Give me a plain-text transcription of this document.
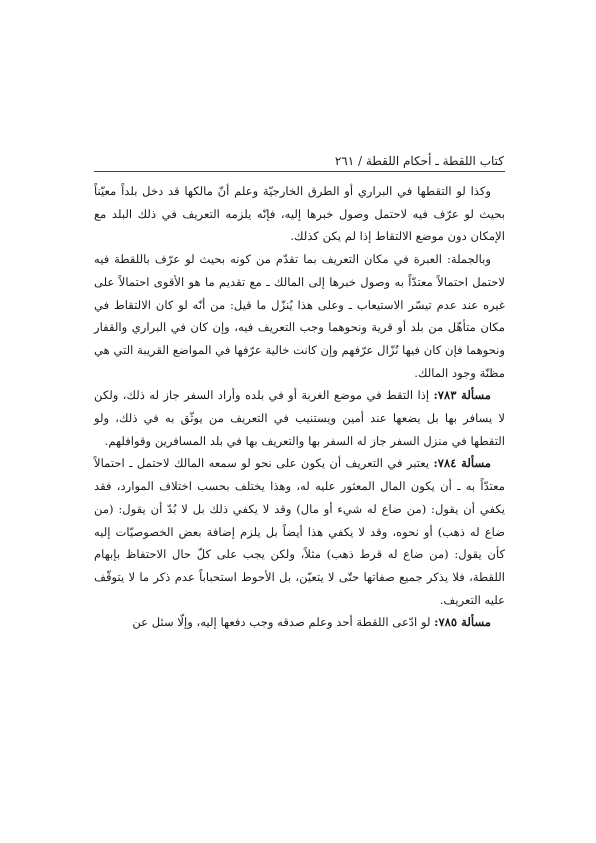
كتاب اللقطة ـ أحكام اللقطة / ٢٦١

وكذا لو التقطها في البراري أو الطرق الخارجيّة وعلم أنّ مالكها قد دخل بلداً معيّناً بحيث لو عرّف فيه لاحتمل وصول خبرها إليه، فإنّه يلزمه التعريف في ذلك البلد مع الإمكان دون موضع الالتقاط إذا لم يكن كذلك.

وبالجملة: العبرة في مكان التعريف بما تقدّم من كونه بحيث لو عرّف باللقطة فيه لاحتمل احتمالاً معتدّاً به وصول خبرها إلى المالك ـ مع تقديم ما هو الأقوى احتمالاً على غيره عند عدم تيسّر الاستيعاب ـ وعلى هذا يُنزّل ما قيل: من أنّه لو كان الالتقاط في مكان متأهّل من بلد أو قرية ونحوهما وجب التعريف فيه، وإن كان في البراري والقفار ونحوهما فإن كان فيها نُزّال عرّفهم وإن كانت خالية عرّفها في المواضع القريبة التي هي مظنّة وجود المالك.

مسألة ٧٨٣: إذا التقط في موضع الغربة أو في بلده وأراد السفر جاز له ذلك، ولكن لا يسافر بها بل يضعها عند أمين ويستنيب في التعريف من يوثّق به في ذلك، ولو التقطها في منزل السفر جاز له السفر بها والتعريف بها في بلد المسافرين وقوافلهم.

مسألة ٧٨٤: يعتبر في التعريف أن يكون على نحو لو سمعه المالك لاحتمل ـ احتمالاً معتدّاً به ـ أن يكون المال المعثور عليه له، وهذا يختلف بحسب اختلاف الموارد، فقد يكفي أن يقول: (من ضاع له شيء أو مال) وقد لا يكفي ذلك بل لا بُدّ أن يقول: (من ضاع له ذهب) أو نحوه، وقد لا يكفي هذا أيضاً بل يلزم إضافة بعض الخصوصيّات إليه كأن يقول: (من ضاع له قرط ذهب) مثلاً، ولكن يجب على كلّ حال الاحتفاظ بإبهام اللقطة، فلا يذكر جميع صفاتها حتّى لا يتعيّن، بل الأحوط استحباباً عدم ذكر ما لا يتوقّف عليه التعريف.

مسألة ٧٨٥: لو ادّعى اللقطة أحد وعلم صدقه وجب دفعها إليه، وإلّا سئل عن
